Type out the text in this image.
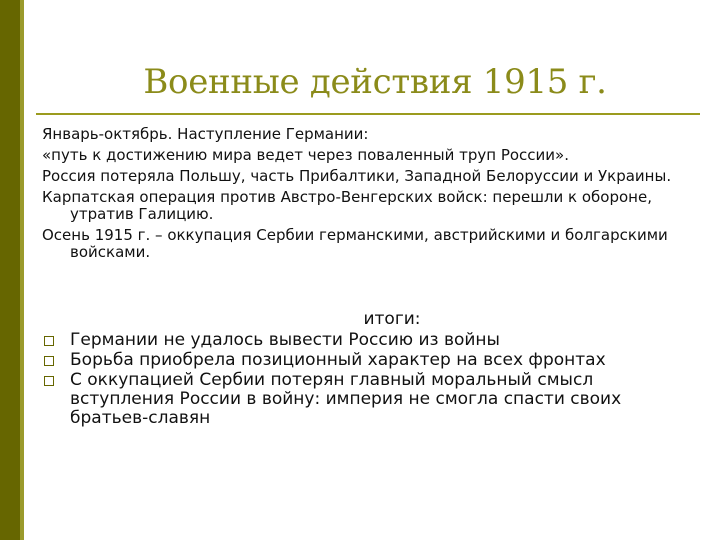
Военные действия 1915 г.

Январь-октябрь. Наступление Германии:

«путь к достижению мира ведет через поваленный труп России».

Россия потеряла Польшу, часть Прибалтики, Западной Белоруссии и Украины.

Карпатская операция против Австро-Венгерских войск: перешли к обороне, утратив Галицию.

Осень 1915 г. – оккупация Сербии германскими, австрийскими и болгарскими войсками.

итоги:

Германии не удалось вывести Россию из войны
Борьба приобрела позиционный характер на всех фронтах
С оккупацией Сербии потерян главный моральный смысл вступления России в войну: империя не смогла спасти своих братьев-славян
